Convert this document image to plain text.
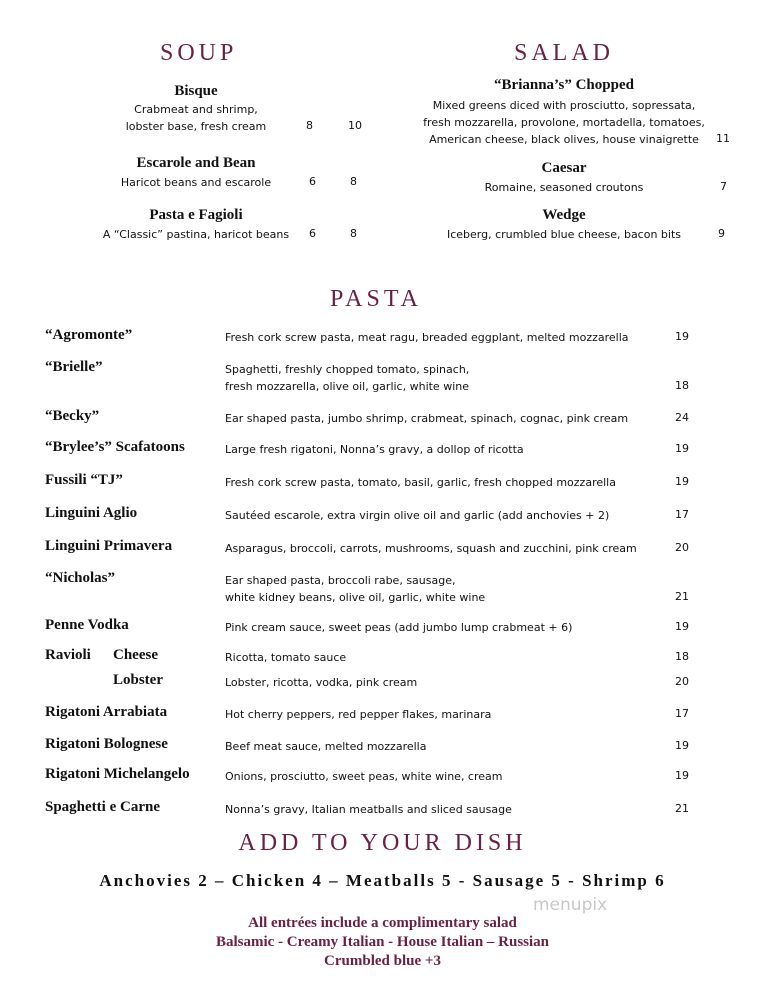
SOUP
Bisque
Crabmeat and shrimp,
lobster base, fresh cream	8	10
Escarole and Bean
Haricot beans and escarole	6	8
Pasta e Fagioli
A “Classic” pastina, haricot beans	6	8
SALAD
“Brianna’s” Chopped
Mixed greens diced with prosciutto, sopressata,
fresh mozzarella, provolone, mortadella, tomatoes,
American cheese, black olives, house vinaigrette	11
Caesar
Romaine, seasoned croutons	7
Wedge
Iceberg, crumbled blue cheese, bacon bits	9
PASTA
“Agromonte”	Fresh cork screw pasta, meat ragu, breaded eggplant, melted mozzarella	19
“Brielle”	Spaghetti, freshly chopped tomato, spinach,
fresh mozzarella, olive oil, garlic, white wine	18
“Becky”	Ear shaped pasta, jumbo shrimp, crabmeat, spinach, cognac, pink cream	24
“Brylee’s” Scafatoons	Large fresh rigatoni, Nonna’s gravy, a dollop of ricotta	19
Fussili “TJ”	Fresh cork screw pasta, tomato, basil, garlic, fresh chopped mozzarella	19
Linguini Aglio	Sautéed escarole, extra virgin olive oil and garlic (add anchovies + 2)	17
Linguini Primavera	Asparagus, broccoli, carrots, mushrooms, squash and zucchini, pink cream	20
“Nicholas”	Ear shaped pasta, broccoli rabe, sausage,
white kidney beans, olive oil, garlic, white wine	21
Penne Vodka	Pink cream sauce, sweet peas (add jumbo lump crabmeat + 6)	19
Ravioli Cheese	Ricotta, tomato sauce	18
Lobster	Lobster, ricotta, vodka, pink cream	20
Rigatoni Arrabiata	Hot cherry peppers, red pepper flakes, marinara	17
Rigatoni Bolognese	Beef meat sauce, melted mozzarella	19
Rigatoni Michelangelo	Onions, prosciutto, sweet peas, white wine, cream	19
Spaghetti e Carne	Nonna’s gravy, Italian meatballs and sliced sausage	21
ADD TO YOUR DISH
Anchovies 2 – Chicken 4 – Meatballs 5 - Sausage 5 - Shrimp 6
menupix
All entrées include a complimentary salad
Balsamic - Creamy Italian - House Italian – Russian
Crumbled blue +3
